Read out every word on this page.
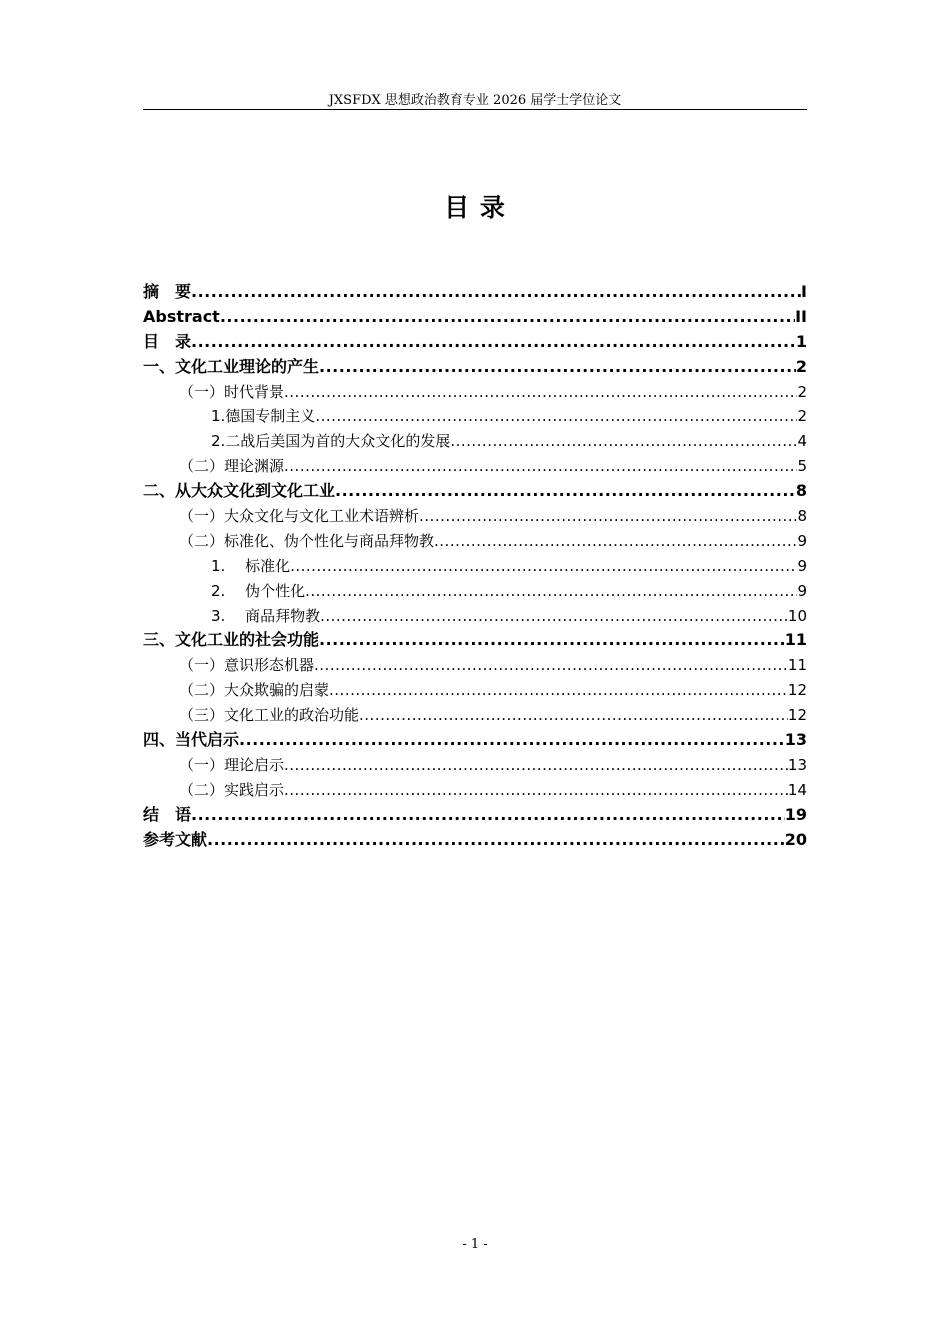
JXSFDX 思想政治教育专业 2026 届学士学位论文
目 录
摘　要 .....	I
Abstract .....	II
目　录 .....	1
一、文化工业理论的产生 .....	2
（一）时代背景 .....	2
1.德国专制主义 .....	2
2.二战后美国为首的大众文化的发展 .....	4
（二）理论渊源 .....	5
二、从大众文化到文化工业 .....	8
（一）大众文化与文化工业术语辨析 .....	8
（二）标准化、伪个性化与商品拜物教 .....	9
1.　 标准化 .....	9
2.　 伪个性化 .....	9
3.　 商品拜物教 .....	10
三、文化工业的社会功能 .....	11
（一）意识形态机器 .....	11
（二）大众欺骗的启蒙 .....	12
（三）文化工业的政治功能 .....	12
四、当代启示 .....	13
（一）理论启示 .....	13
（二）实践启示 .....	14
结　语 .....	19
参考文献 .....	20
- 1 -
